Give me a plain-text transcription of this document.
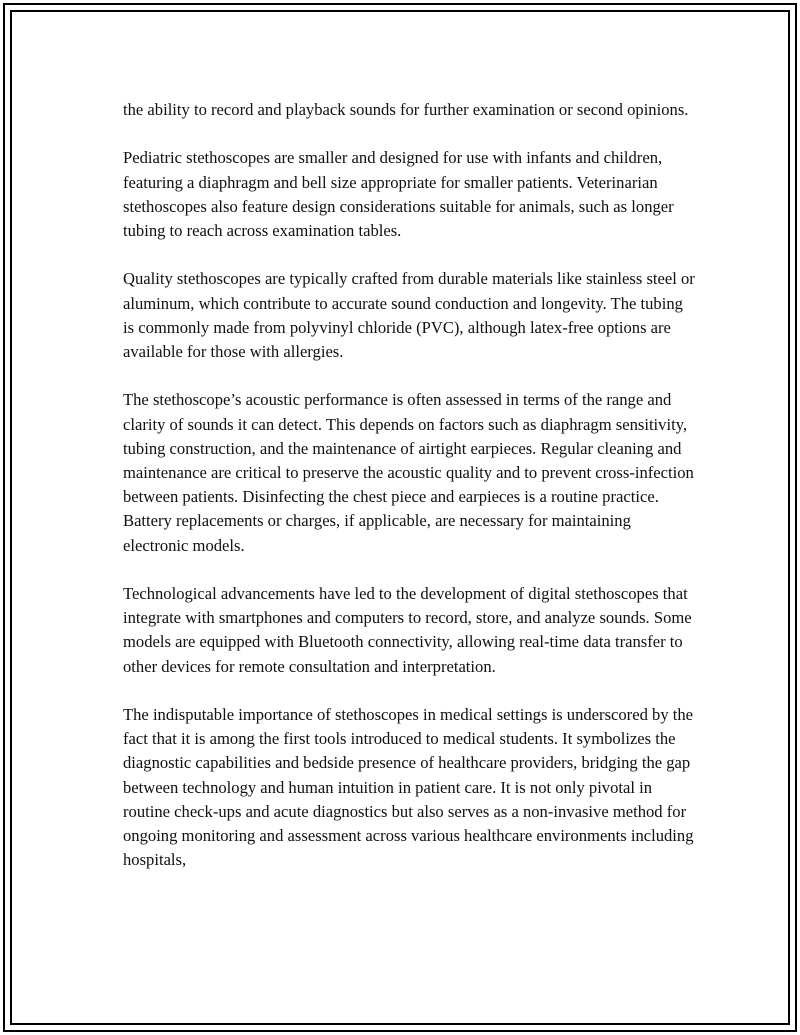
the ability to record and playback sounds for further examination or second opinions.

Pediatric stethoscopes are smaller and designed for use with infants and children, featuring a diaphragm and bell size appropriate for smaller patients. Veterinarian stethoscopes also feature design considerations suitable for animals, such as longer tubing to reach across examination tables.

Quality stethoscopes are typically crafted from durable materials like stainless steel or aluminum, which contribute to accurate sound conduction and longevity. The tubing is commonly made from polyvinyl chloride (PVC), although latex-free options are available for those with allergies.

The stethoscope’s acoustic performance is often assessed in terms of the range and clarity of sounds it can detect. This depends on factors such as diaphragm sensitivity, tubing construction, and the maintenance of airtight earpieces. Regular cleaning and maintenance are critical to preserve the acoustic quality and to prevent cross-infection between patients. Disinfecting the chest piece and earpieces is a routine practice. Battery replacements or charges, if applicable, are necessary for maintaining electronic models.

Technological advancements have led to the development of digital stethoscopes that integrate with smartphones and computers to record, store, and analyze sounds. Some models are equipped with Bluetooth connectivity, allowing real-time data transfer to other devices for remote consultation and interpretation.

The indisputable importance of stethoscopes in medical settings is underscored by the fact that it is among the first tools introduced to medical students. It symbolizes the diagnostic capabilities and bedside presence of healthcare providers, bridging the gap between technology and human intuition in patient care. It is not only pivotal in routine check-ups and acute diagnostics but also serves as a non-invasive method for ongoing monitoring and assessment across various healthcare environments including hospitals,
